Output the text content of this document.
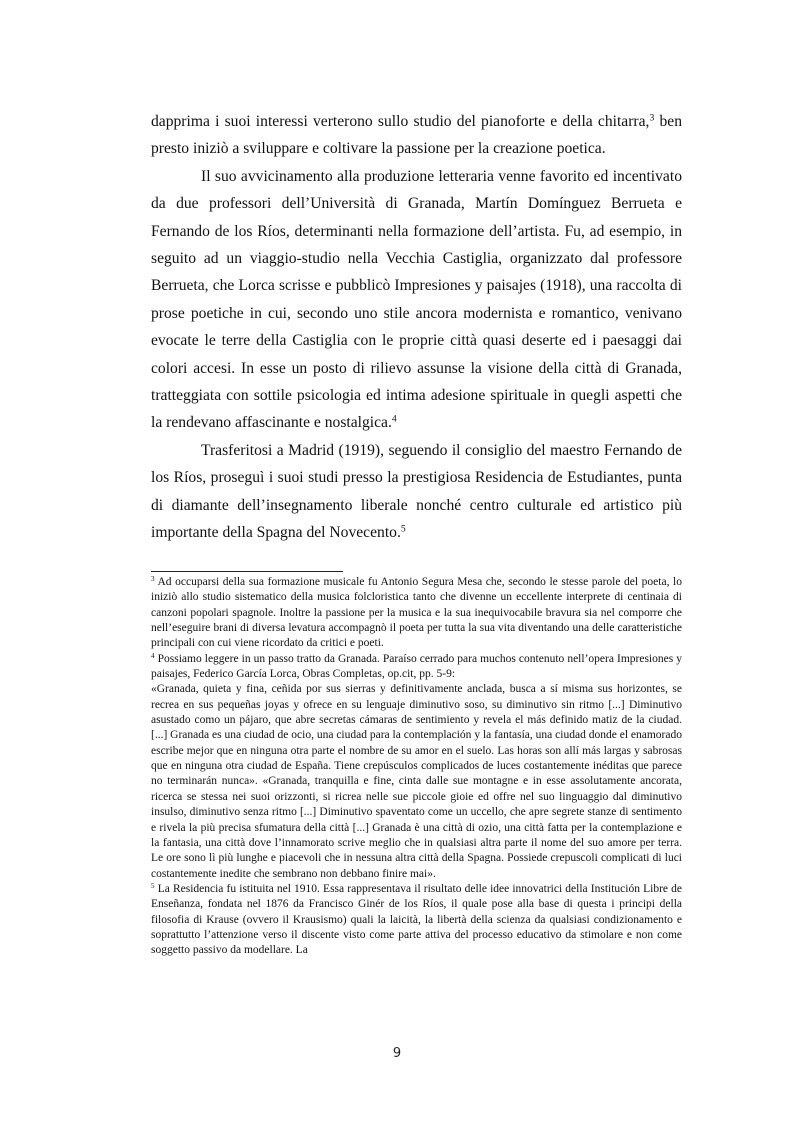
dapprima i suoi interessi verterono sullo studio del pianoforte e della chitarra,$^3$ ben presto iniziò a sviluppare e coltivare la passione per la creazione poetica.

Il suo avvicinamento alla produzione letteraria venne favorito ed incentivato da due professori dell’Università di Granada, Martín Domínguez Berrueta e Fernando de los Ríos, determinanti nella formazione dell’artista. Fu, ad esempio, in seguito ad un viaggio-studio nella Vecchia Castiglia, organizzato dal professore Berrueta, che Lorca scrisse e pubblicò Impresiones y paisajes (1918), una raccolta di prose poetiche in cui, secondo uno stile ancora modernista e romantico, venivano evocate le terre della Castiglia con le proprie città quasi deserte ed i paesaggi dai colori accesi. In esse un posto di rilievo assunse la visione della città di Granada, tratteggiata con sottile psicologia ed intima adesione spirituale in quegli aspetti che la rendevano affascinante e nostalgica.$^4$

Trasferitosi a Madrid (1919), seguendo il consiglio del maestro Fernando de los Ríos, proseguì i suoi studi presso la prestigiosa Residencia de Estudiantes, punta di diamante dell’insegnamento liberale nonché centro culturale ed artistico più importante della Spagna del Novecento.$^5$

$^3$ Ad occuparsi della sua formazione musicale fu Antonio Segura Mesa che, secondo le stesse parole del poeta, lo iniziò allo studio sistematico della musica folcloristica tanto che divenne un eccellente interprete di centinaia di canzoni popolari spagnole. Inoltre la passione per la musica e la sua inequivocabile bravura sia nel comporre che nell’eseguire brani di diversa levatura accompagnò il poeta per tutta la sua vita diventando una delle caratteristiche principali con cui viene ricordato da critici e poeti.

$^4$ Possiamo leggere in un passo tratto da Granada. Paraíso cerrado para muchos contenuto nell’opera Impresiones y paisajes, Federico García Lorca, Obras Completas, op.cit, pp. 5-9:

«Granada, quieta y fina, ceñida por sus sierras y definitivamente anclada, busca a sí misma sus horizontes, se recrea en sus pequeñas joyas y ofrece en su lenguaje diminutivo soso, su diminutivo sin ritmo [...] Diminutivo asustado como un pájaro, que abre secretas cámaras de sentimiento y revela el más definido matiz de la ciudad. [...] Granada es una ciudad de ocio, una ciudad para la contemplación y la fantasía, una ciudad donde el enamorado escribe mejor que en ninguna otra parte el nombre de su amor en el suelo. Las horas son allí más largas y sabrosas que en ninguna otra ciudad de España. Tiene crepúsculos complicados de luces costantemente inéditas que parece no terminarán nunca». «Granada, tranquilla e fine, cinta dalle sue montagne e in esse assolutamente ancorata, ricerca se stessa nei suoi orizzonti, si ricrea nelle sue piccole gioie ed offre nel suo linguaggio dal diminutivo insulso, diminutivo senza ritmo [...] Diminutivo spaventato come un uccello, che apre segrete stanze di sentimento e rivela la più precisa sfumatura della città [...] Granada è una città di ozio, una città fatta per la contemplazione e la fantasia, una città dove l’innamorato scrive meglio che in qualsiasi altra parte il nome del suo amore per terra. Le ore sono lì più lunghe e piacevoli che in nessuna altra città della Spagna. Possiede crepuscoli complicati di luci costantemente inedite che sembrano non debbano finire mai».

$^5$ La Residencia fu istituita nel 1910. Essa rappresentava il risultato delle idee innovatrici della Institución Libre de Enseñanza, fondata nel 1876 da Francisco Ginér de los Ríos, il quale pose alla base di questa i principi della filosofia di Krause (ovvero il Krausismo) quali la laicità, la libertà della scienza da qualsiasi condizionamento e soprattutto l’attenzione verso il discente visto come parte attiva del processo educativo da stimolare e non come soggetto passivo da modellare. La

9
